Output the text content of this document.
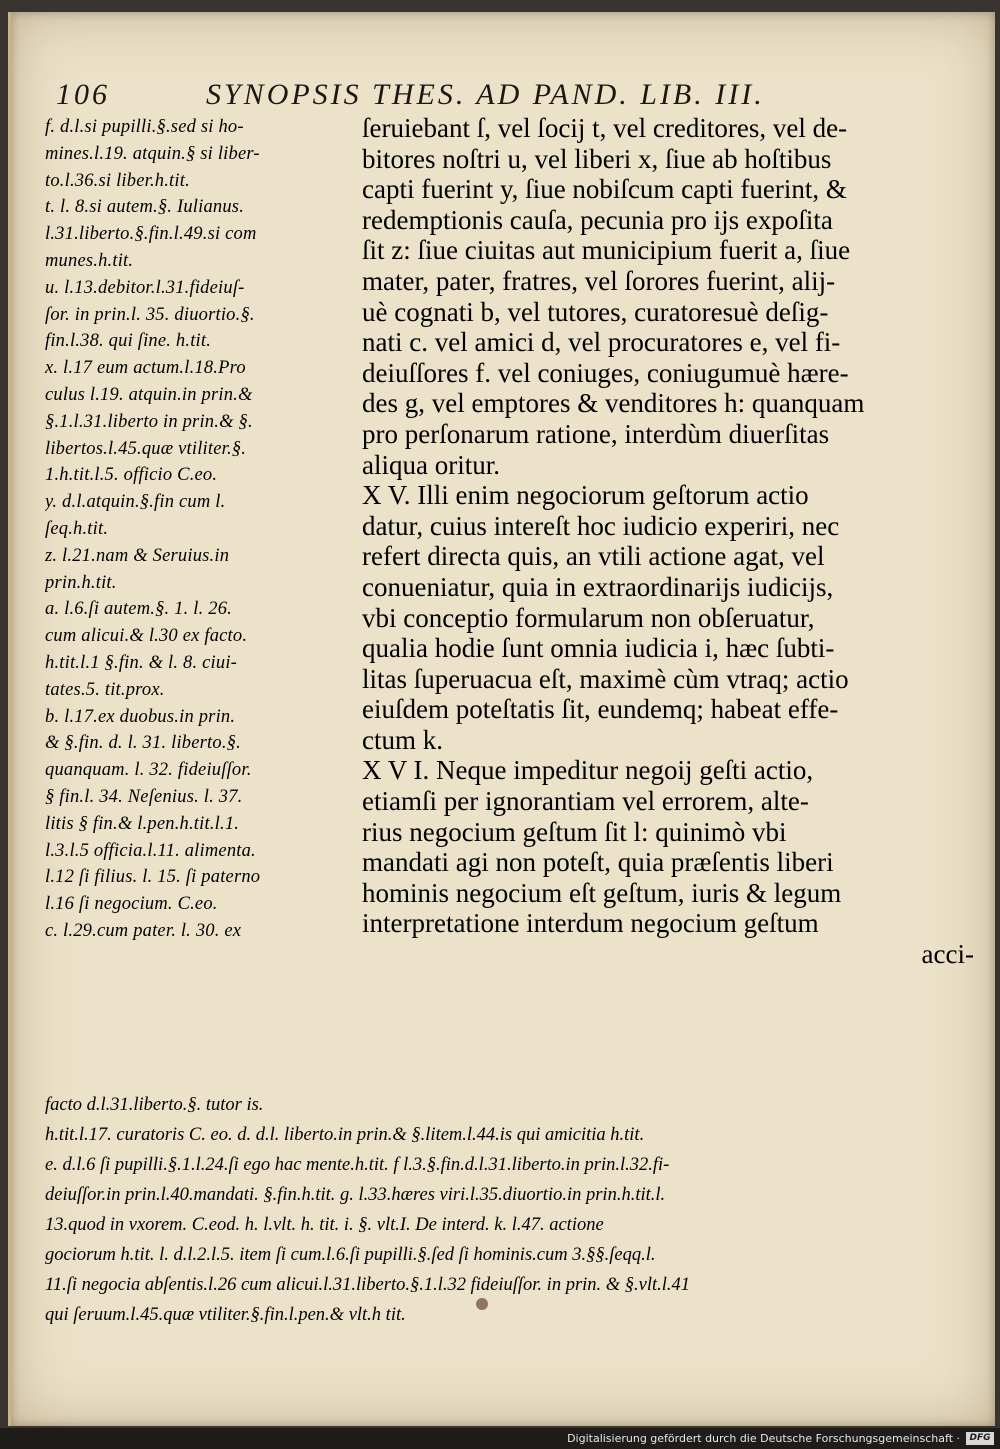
106	SYNOPSIS THES. AD PAND. LIB. III.
f. d.l.si pupilli.§.sed si ho-
mines.l.19. atquin.§ si liber-
to.l.36.si liber.h.tit.
t. l. 8.si autem.§. Iulianus.
l.31.liberto.§.fin.l.49.si com
munes.h.tit.
u. l.13.debitor.l.31.fideiuſ-
ſor. in prin.l. 35. diuortio.§.
fin.l.38. qui ſine. h.tit.
x. l.17 eum actum.l.18.Pro
culus l.19. atquin.in prin.&
§.1.l.31.liberto in prin.& §.
libertos.l.45.quæ vtiliter.§.
1.h.tit.l.5. officio C.eo.
y. d.l.atquin.§.fin cum l.
ſeq.h.tit.
z. l.21.nam & Seruius.in
prin.h.tit.
a. l.6.ſi autem.§. 1. l. 26.
cum alicui.& l.30 ex facto.
h.tit.l.1 §.fin. & l. 8. ciui-
tates.5. tit.prox.
b. l.17.ex duobus.in prin.
& §.fin. d. l. 31. liberto.§.
quanquam. l. 32. fideiuſſor.
§ fin.l. 34. Neſenius. l. 37.
litis § fin.& l.pen.h.tit.l.1.
l.3.l.5 officia.l.11. alimenta.
l.12 ſi filius. l. 15. ſi paterno
l.16 ſi negocium. C.eo.
c. l.29.cum pater. l. 30. ex
ſeruiebant ſ, vel ſocij t, vel creditores, vel de-
bitores noſtri u, vel liberi x, ſiue ab hoſtibus
capti fuerint y, ſiue nobiſcum capti fuerint, &
redemptionis cauſa, pecunia pro ijs expoſita
ſit z: ſiue ciuitas aut municipium fuerit a, ſiue
mater, pater, fratres, vel ſorores fuerint, alij-
uè cognati b, vel tutores, curatoresuè deſig-
nati c. vel amici d, vel procuratores e, vel fi-
deiuſſores f. vel coniuges, coniugumuè hære-
des g, vel emptores & venditores h: quanquam
pro perſonarum ratione, interdùm diuerſitas
aliqua oritur.
X V. Illi enim negociorum geſtorum actio
datur, cuius intereſt hoc iudicio experiri, nec
refert directa quis, an vtili actione agat, vel
conueniatur, quia in extraordinarijs iudicijs,
vbi conceptio formularum non obſeruatur,
qualia hodie ſunt omnia iudicia i, hæc ſubti-
litas ſuperuacua eſt, maximè cùm vtraq; actio
eiuſdem poteſtatis ſit, eundemq; habeat effe-
ctum k.
X V I. Neque impeditur negoij geſti actio,
etiamſi per ignorantiam vel errorem, alte-
rius negocium geſtum ſit l: quinimò vbi
mandati agi non poteſt, quia præſentis liberi
hominis negocium eſt geſtum, iuris & legum
interpretatione interdum negocium geſtum
acci-
facto d.l.31.liberto.§. tutor is.
h.tit.l.17. curatoris C. eo. d. d.l. liberto.in prin.& §.litem.l.44.is qui amicitia h.tit.
e. d.l.6 ſi pupilli.§.1.l.24.ſi ego hac mente.h.tit. f l.3.§.fin.d.l.31.liberto.in prin.l.32.fi-
deiuſſor.in prin.l.40.mandati. §.fin.h.tit. g. l.33.hæres viri.l.35.diuortio.in prin.h.tit.l.
13.quod in vxorem. C.eod. h. l.vlt. h. tit. i. §. vlt.I. De interd. k. l.47. actione
gociorum h.tit. l. d.l.2.l.5. item ſi cum.l.6.ſi pupilli.§.ſed ſi hominis.cum 3.§§.ſeqq.l.
11.ſi negocia abſentis.l.26 cum alicui.l.31.liberto.§.1.l.32 fideiuſſor. in prin. & §.vlt.l.41
qui ſeruum.l.45.quæ vtiliter.§.fin.l.pen.& vlt.h tit.
Digitalisierung gefördert durch die Deutsche Forschungsgemeinschaft ·	DFG
